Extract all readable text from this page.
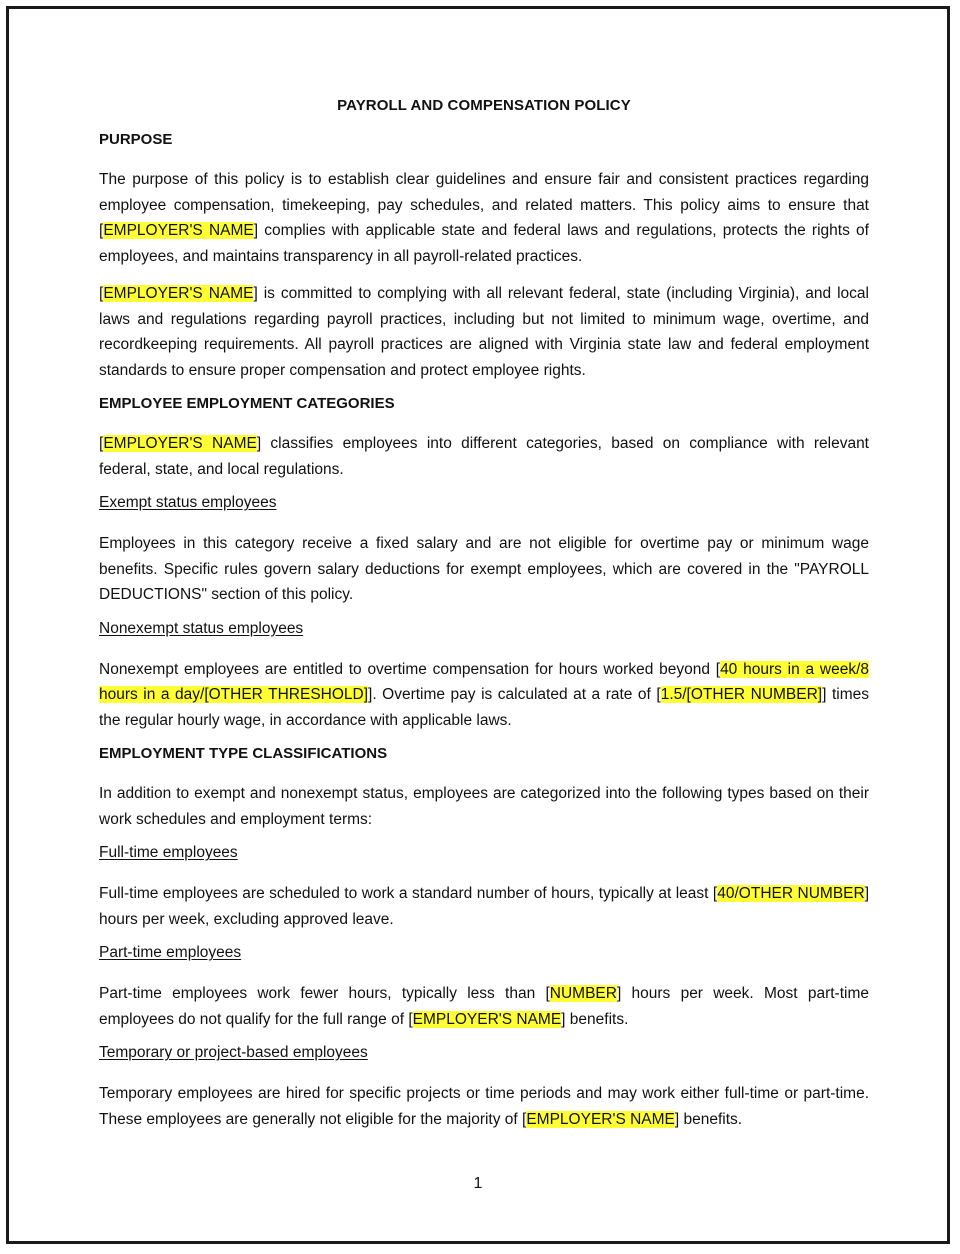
PAYROLL AND COMPENSATION POLICY
PURPOSE

The purpose of this policy is to establish clear guidelines and ensure fair and consistent practices regarding employee compensation, timekeeping, pay schedules, and related matters. This policy aims to ensure that [EMPLOYER'S NAME] complies with applicable state and federal laws and regulations, protects the rights of employees, and maintains transparency in all payroll-related practices.

[EMPLOYER'S NAME] is committed to complying with all relevant federal, state (including Virginia), and local laws and regulations regarding payroll practices, including but not limited to minimum wage, overtime, and recordkeeping requirements. All payroll practices are aligned with Virginia state law and federal employment standards to ensure proper compensation and protect employee rights.

EMPLOYEE EMPLOYMENT CATEGORIES

[EMPLOYER'S NAME] classifies employees into different categories, based on compliance with relevant federal, state, and local regulations.

Exempt status employees

Employees in this category receive a fixed salary and are not eligible for overtime pay or minimum wage benefits. Specific rules govern salary deductions for exempt employees, which are covered in the "PAYROLL DEDUCTIONS" section of this policy.

Nonexempt status employees

Nonexempt employees are entitled to overtime compensation for hours worked beyond [40 hours in a week/8 hours in a day/[OTHER THRESHOLD]]. Overtime pay is calculated at a rate of [1.5/[OTHER NUMBER]] times the regular hourly wage, in accordance with applicable laws.

EMPLOYMENT TYPE CLASSIFICATIONS

In addition to exempt and nonexempt status, employees are categorized into the following types based on their work schedules and employment terms:

Full-time employees

Full-time employees are scheduled to work a standard number of hours, typically at least [40/OTHER NUMBER] hours per week, excluding approved leave.

Part-time employees

Part-time employees work fewer hours, typically less than [NUMBER] hours per week. Most part-time employees do not qualify for the full range of [EMPLOYER'S NAME] benefits.

Temporary or project-based employees

Temporary employees are hired for specific projects or time periods and may work either full-time or part-time. These employees are generally not eligible for the majority of [EMPLOYER'S NAME] benefits.

1
